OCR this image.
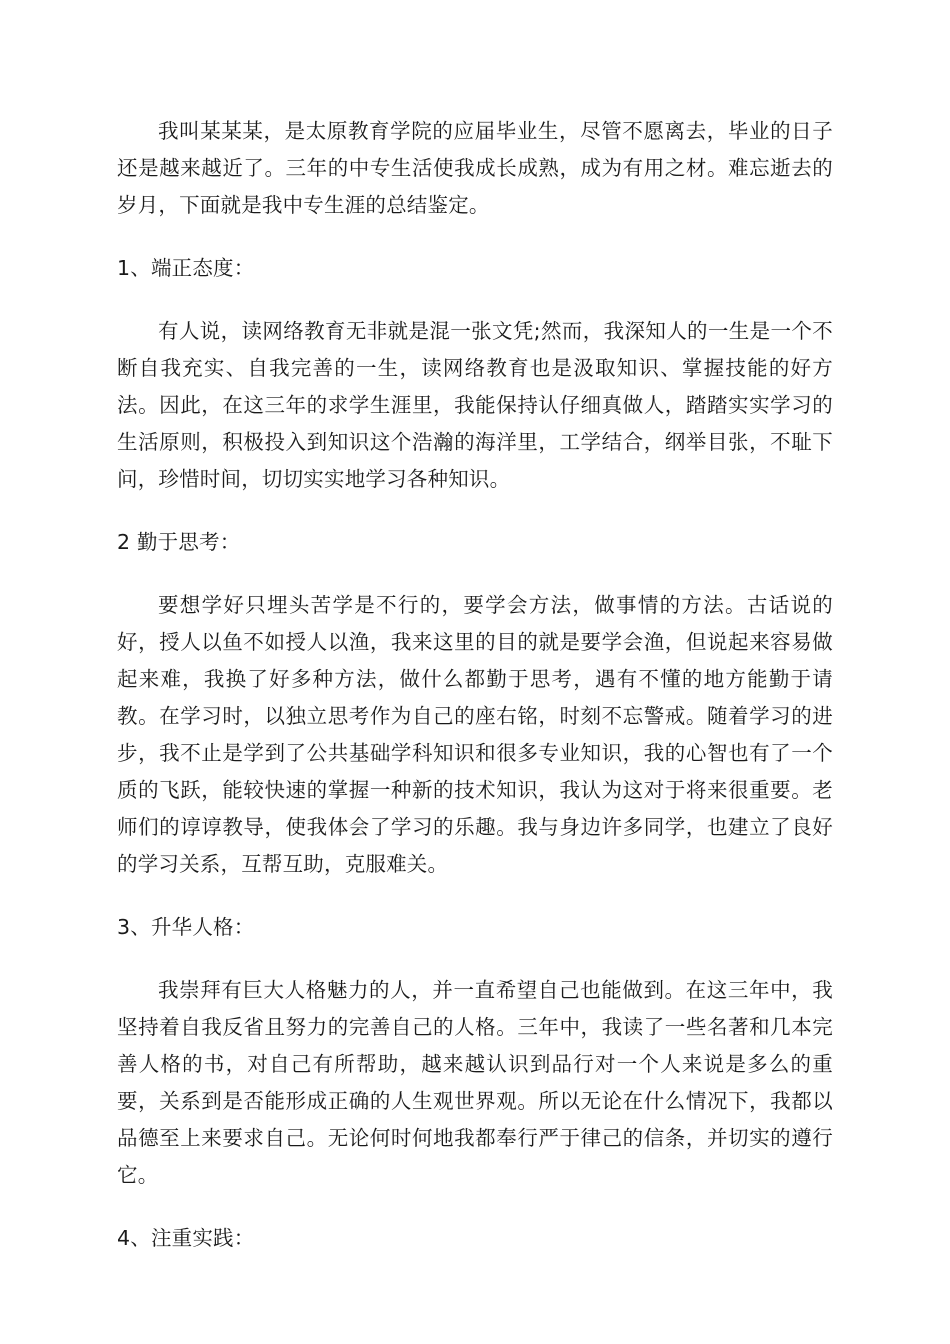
我叫某某某，是太原教育学院的应届毕业生，尽管不愿离去，毕业的日子还是越来越近了。三年的中专生活使我成长成熟，成为有用之材。难忘逝去的岁月，下面就是我中专生涯的总结鉴定。

1、端正态度：

有人说，读网络教育无非就是混一张文凭;然而，我深知人的一生是一个不断自我充实、自我完善的一生，读网络教育也是汲取知识、掌握技能的好方法。因此，在这三年的求学生涯里，我能保持认仔细真做人，踏踏实实学习的生活原则，积极投入到知识这个浩瀚的海洋里，工学结合，纲举目张，不耻下问，珍惜时间，切切实实地学习各种知识。

2 勤于思考：

要想学好只埋头苦学是不行的，要学会方法，做事情的方法。古话说的好，授人以鱼不如授人以渔，我来这里的目的就是要学会渔，但说起来容易做起来难，我换了好多种方法，做什么都勤于思考，遇有不懂的地方能勤于请教。在学习时，以独立思考作为自己的座右铭，时刻不忘警戒。随着学习的进步，我不止是学到了公共基础学科知识和很多专业知识，我的心智也有了一个质的飞跃，能较快速的掌握一种新的技术知识，我认为这对于将来很重要。老师们的谆谆教导，使我体会了学习的乐趣。我与身边许多同学，也建立了良好的学习关系，互帮互助，克服难关。

3、升华人格：

我崇拜有巨大人格魅力的人，并一直希望自己也能做到。在这三年中，我坚持着自我反省且努力的完善自己的人格。三年中，我读了一些名著和几本完善人格的书，对自己有所帮助，越来越认识到品行对一个人来说是多么的重要，关系到是否能形成正确的人生观世界观。所以无论在什么情况下，我都以品德至上来要求自己。无论何时何地我都奉行严于律己的信条，并切实的遵行它。

4、注重实践：
